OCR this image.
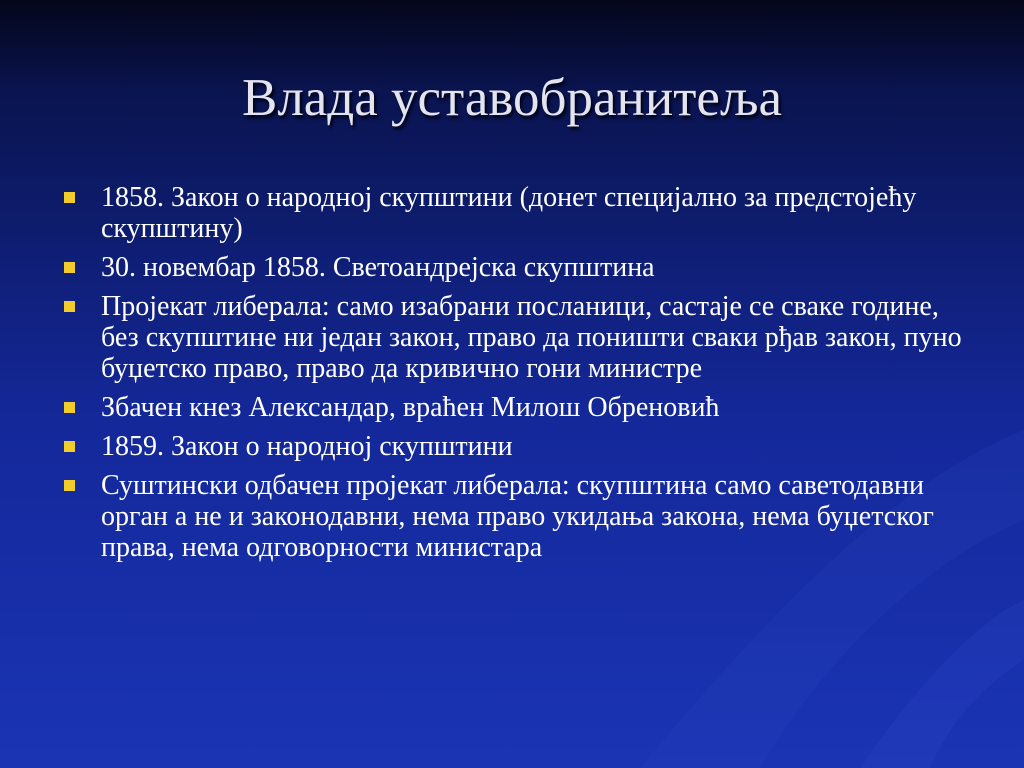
Влада уставобранитеља
1858. Закон о народној скупштини (донет специјално за предстојећу скупштину)
30. новембар 1858. Светоандрејска скупштина
Пројекат либерала: само изабрани посланици, састаје се сваке године, без скупштине ни један закон, право да поништи сваки рђав закон, пуно буџетско право, право да кривично гони министре
Збачен кнез Александар, враћен Милош Обреновић
1859. Закон о народној скупштини
Суштински одбачен пројекат либерала: скупштина само саветодавни орган а не и законодавни, нема право укидања закона, нема буџетског права, нема одговорности министара
